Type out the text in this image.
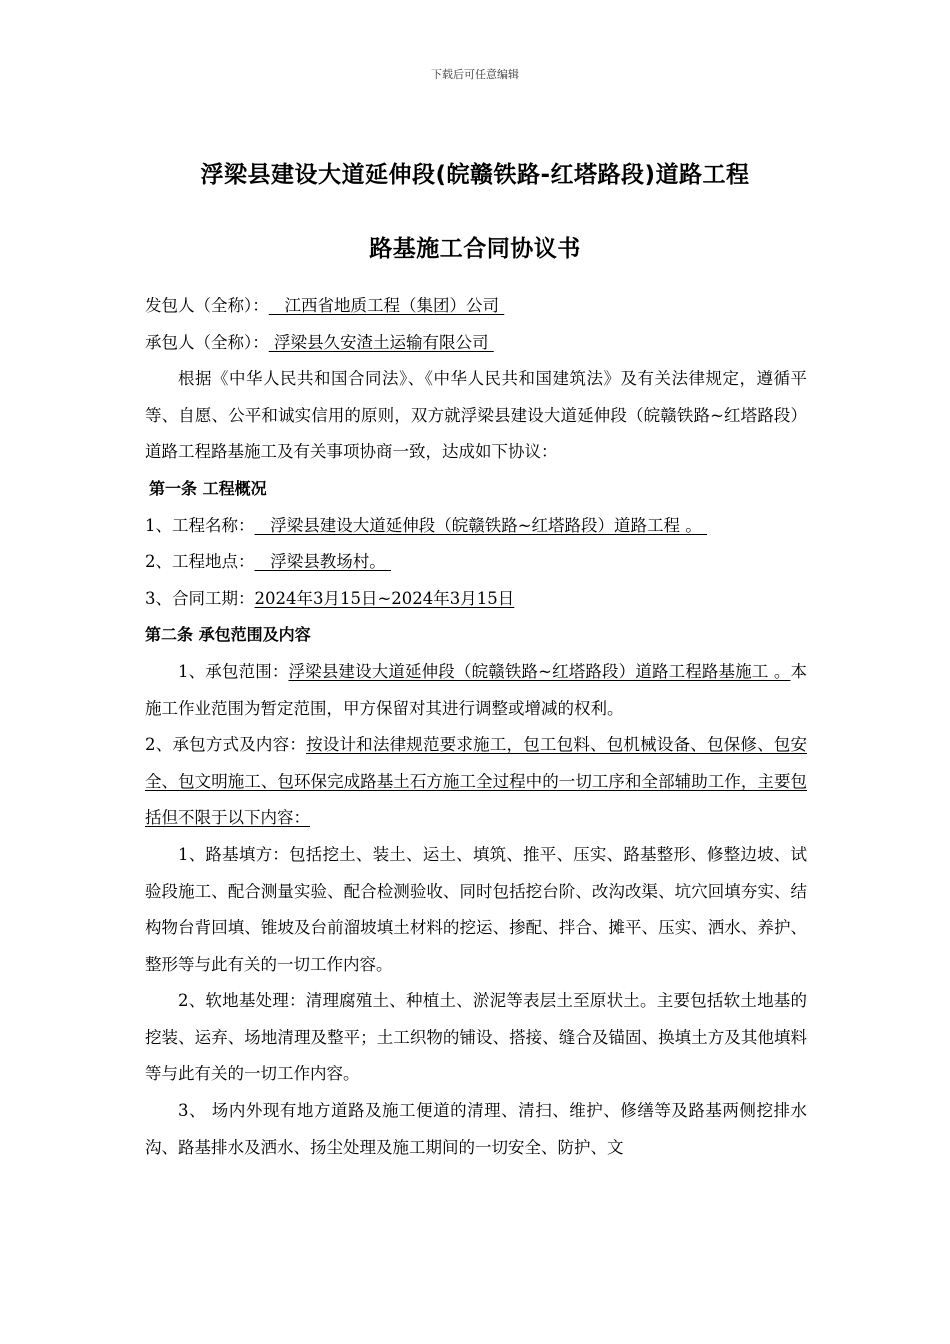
下载后可任意编辑
浮梁县建设大道延伸段(皖赣铁路-红塔路段)道路工程
路基施工合同协议书

发包人（全称）：   江西省地质工程（集团）公司

承包人（全称）： 浮梁县久安渣土运输有限公司

根据《中华人民共和国合同法》、《中华人民共和国建筑法》及有关法律规定，遵循平等、自愿、公平和诚实信用的原则，双方就浮梁县建设大道延伸段（皖赣铁路~红塔路段）道路工程路基施工及有关事项协商一致，达成如下协议：

第一条 工程概况

1、工程名称：   浮梁县建设大道延伸段（皖赣铁路~红塔路段）道路工程 。

2、工程地点：   浮梁县教场村。

3、合同工期：2024年3月15日~2024年3月15日

第二条 承包范围及内容

1、承包范围：浮梁县建设大道延伸段（皖赣铁路~红塔路段）道路工程路基施工 。本施工作业范围为暂定范围，甲方保留对其进行调整或增减的权利。

2、承包方式及内容：按设计和法律规范要求施工，包工包料、包机械设备、包保修、包安全、包文明施工、包环保完成路基土石方施工全过程中的一切工序和全部辅助工作，主要包括但不限于以下内容：

1、路基填方：包括挖土、装土、运土、填筑、推平、压实、路基整形、修整边坡、试验段施工、配合测量实验、配合检测验收、同时包括挖台阶、改沟改渠、坑穴回填夯实、结构物台背回填、锥坡及台前溜坡填土材料的挖运、掺配、拌合、摊平、压实、洒水、养护、整形等与此有关的一切工作内容。

2、软地基处理：清理腐殖土、种植土、淤泥等表层土至原状土。主要包括软土地基的挖装、运弃、场地清理及整平；土工织物的铺设、搭接、缝合及锚固、换填土方及其他填料等与此有关的一切工作内容。

3、 场内外现有地方道路及施工便道的清理、清扫、维护、修缮等及路基两侧挖排水沟、路基排水及洒水、扬尘处理及施工期间的一切安全、防护、文
